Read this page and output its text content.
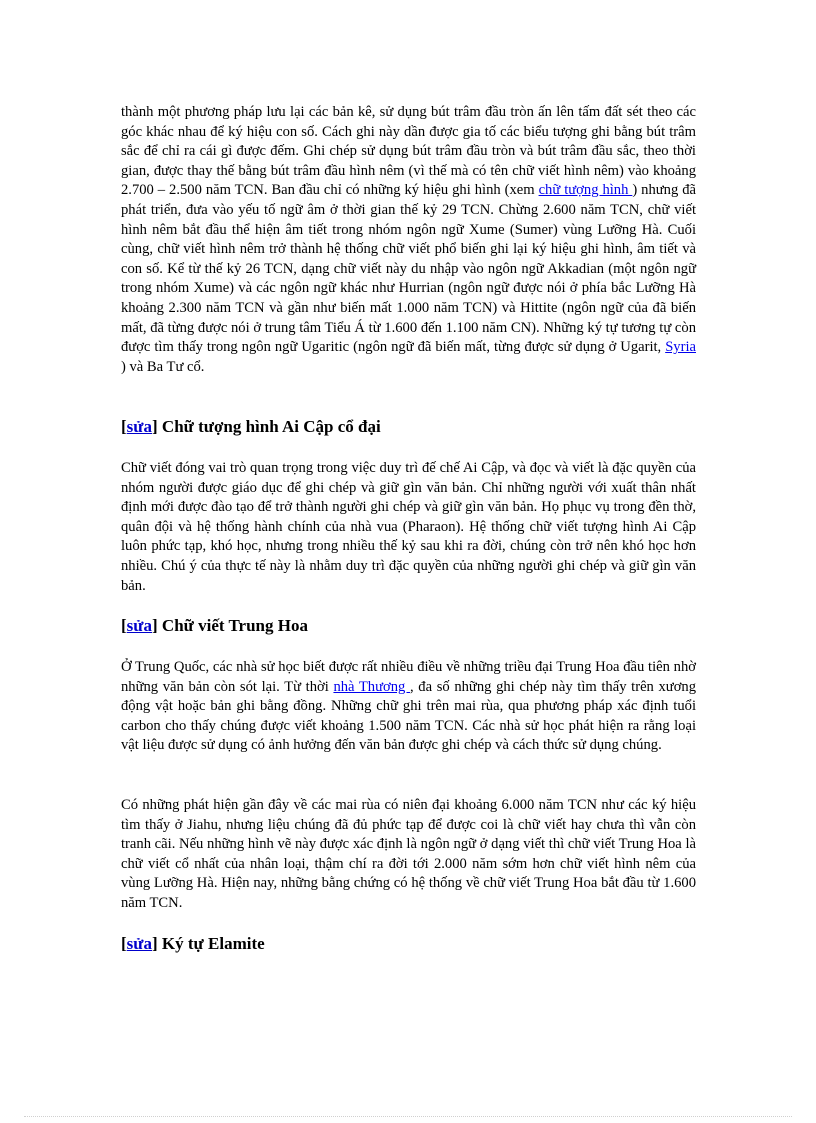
thành một phương pháp lưu lại các bản kê, sử dụng bút trâm đầu tròn ấn lên tấm đất sét theo các góc khác nhau để ký hiệu con số. Cách ghi này dần được gia tố các biểu tượng ghi bằng bút trâm sắc để chỉ ra cái gì được đếm. Ghi chép sử dụng bút trâm đầu tròn và bút trâm đầu sắc, theo thời gian, được thay thế bằng bút trâm đầu hình nêm (vì thế mà có tên chữ viết hình nêm) vào khoảng 2.700 – 2.500 năm TCN. Ban đầu chỉ có những ký hiệu ghi hình (xem chữ tượng hình ) nhưng đã phát triển, đưa vào yếu tố ngữ âm ở thời gian thế kỷ 29 TCN. Chừng 2.600 năm TCN, chữ viết hình nêm bắt đầu thể hiện âm tiết trong nhóm ngôn ngữ Xume (Sumer) vùng Lưỡng Hà. Cuối cùng, chữ viết hình nêm trở thành hệ thống chữ viết phổ biến ghi lại ký hiệu ghi hình, âm tiết và con số. Kể từ thế kỷ 26 TCN, dạng chữ viết này du nhập vào ngôn ngữ Akkadian (một ngôn ngữ trong nhóm Xume) và các ngôn ngữ khác như Hurrian (ngôn ngữ được nói ở phía bắc Lưỡng Hà khoảng 2.300 năm TCN và gần như biến mất 1.000 năm TCN) và Hittite (ngôn ngữ của đã biến mất, đã từng được nói ở trung tâm Tiểu Á từ 1.600 đến 1.100 năm CN). Những ký tự tương tự còn được tìm thấy trong ngôn ngữ Ugaritic (ngôn ngữ đã biến mất, từng được sử dụng ở Ugarit, Syria ) và Ba Tư cổ.

[sửa] Chữ tượng hình Ai Cập cổ đại

Chữ viết đóng vai trò quan trọng trong việc duy trì đế chế Ai Cập, và đọc và viết là đặc quyền của nhóm người được giáo dục để ghi chép và giữ gìn văn bản. Chỉ những người với xuất thân nhất định mới được đào tạo để trở thành người ghi chép và giữ gìn văn bản. Họ phục vụ trong đền thờ, quân đội và hệ thống hành chính của nhà vua (Pharaon). Hệ thống chữ viết tượng hình Ai Cập luôn phức tạp, khó học, nhưng trong nhiều thế kỷ sau khi ra đời, chúng còn trở nên khó học hơn nhiều. Chú ý của thực tế này là nhằm duy trì đặc quyền của những người ghi chép và giữ gìn văn bản.

[sửa] Chữ viết Trung Hoa

Ở Trung Quốc, các nhà sử học biết được rất nhiều điều về những triều đại Trung Hoa đầu tiên nhờ những văn bản còn sót lại. Từ thời nhà Thương , đa số những ghi chép này tìm thấy trên xương động vật hoặc bản ghi bằng đồng. Những chữ ghi trên mai rùa, qua phương pháp xác định tuổi carbon cho thấy chúng được viết khoảng 1.500 năm TCN. Các nhà sử học phát hiện ra rằng loại vật liệu được sử dụng có ảnh hưởng đến văn bản được ghi chép và cách thức sử dụng chúng.

Có những phát hiện gần đây về các mai rùa có niên đại khoảng 6.000 năm TCN như các ký hiệu tìm thấy ở Jiahu, nhưng liệu chúng đã đủ phức tạp để được coi là chữ viết hay chưa thì vẫn còn tranh cãi. Nếu những hình vẽ này được xác định là ngôn ngữ ở dạng viết thì chữ viết Trung Hoa là chữ viết cổ nhất của nhân loại, thậm chí ra đời tới 2.000 năm sớm hơn chữ viết hình nêm của vùng Lưỡng Hà. Hiện nay, những bằng chứng có hệ thống về chữ viết Trung Hoa bắt đầu từ 1.600 năm TCN.

[sửa] Ký tự Elamite
